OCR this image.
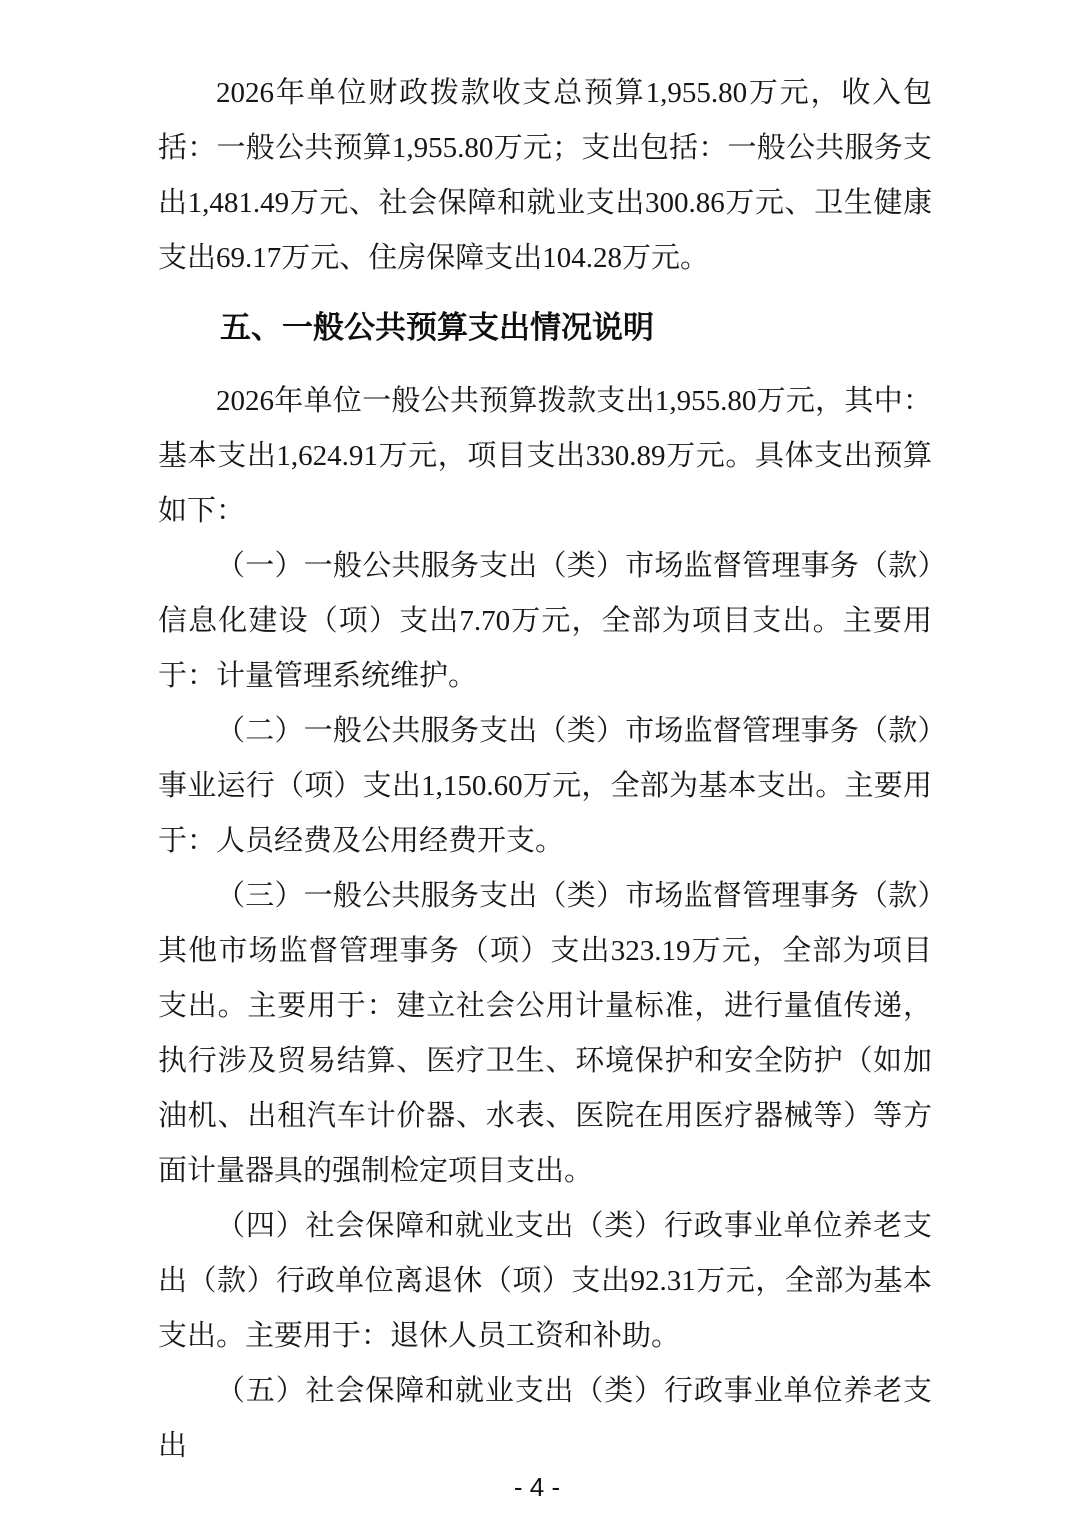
2026年单位财政拨款收支总预算1,955.80万元，收入包括：一般公共预算1,955.80万元；支出包括：一般公共服务支出1,481.49万元、社会保障和就业支出300.86万元、卫生健康支出69.17万元、住房保障支出104.28万元。

五、一般公共预算支出情况说明

2026年单位一般公共预算拨款支出1,955.80万元，其中：基本支出1,624.91万元，项目支出330.89万元。具体支出预算如下：

（一）一般公共服务支出（类）市场监督管理事务（款）信息化建设（项）支出7.70万元，全部为项目支出。主要用于：计量管理系统维护。

（二）一般公共服务支出（类）市场监督管理事务（款）事业运行（项）支出1,150.60万元，全部为基本支出。主要用于：人员经费及公用经费开支。

（三）一般公共服务支出（类）市场监督管理事务（款）其他市场监督管理事务（项）支出323.19万元，全部为项目支出。主要用于：建立社会公用计量标准，进行量值传递，执行涉及贸易结算、医疗卫生、环境保护和安全防护（如加油机、出租汽车计价器、水表、医院在用医疗器械等）等方面计量器具的强制检定项目支出。

（四）社会保障和就业支出（类）行政事业单位养老支出（款）行政单位离退休（项）支出92.31万元，全部为基本支出。主要用于：退休人员工资和补助。

（五）社会保障和就业支出（类）行政事业单位养老支出

- 4 -
